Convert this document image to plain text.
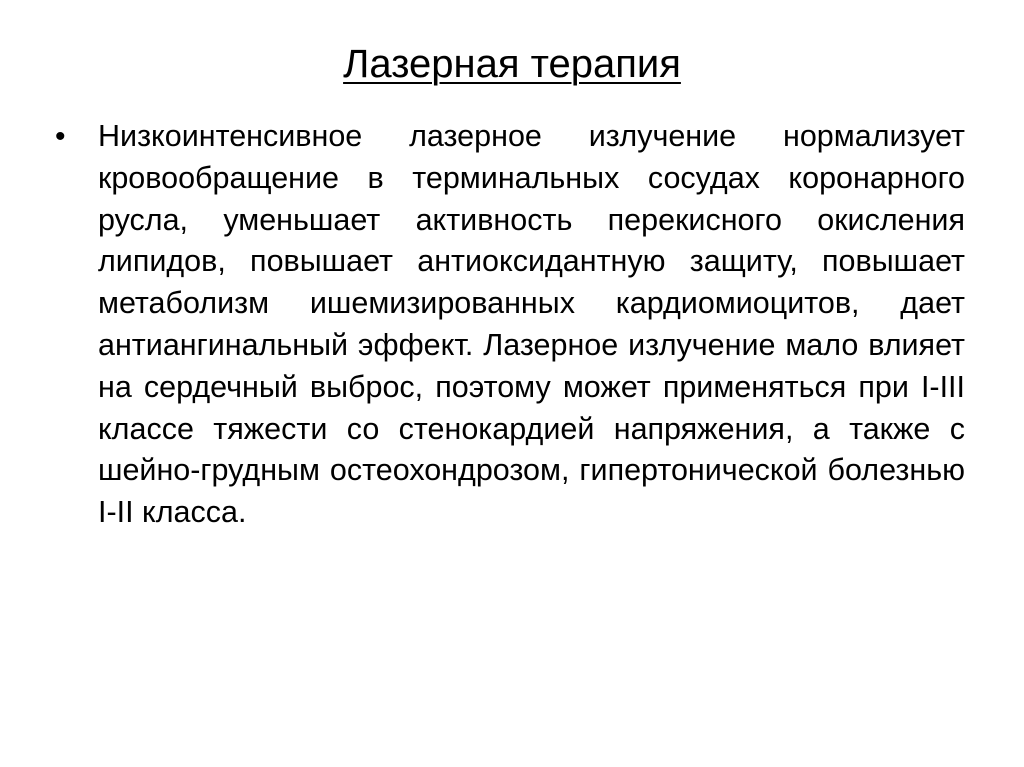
Лазерная терапия
• Низкоинтенсивное лазерное излучение нормализует кровообращение в терминальных сосудах коронарного русла, уменьшает активность перекисного окисления липидов, повышает антиоксидантную защиту, повышает метаболизм ишемизированных кардиомиоцитов, дает антиангинальный эффект. Лазерное излучение мало влияет на сердечный выброс, поэтому может применяться при I-III классе тяжести со стенокардией напряжения, а также с шейно-грудным остеохондрозом, гипертонической болезнью I-II класса.
